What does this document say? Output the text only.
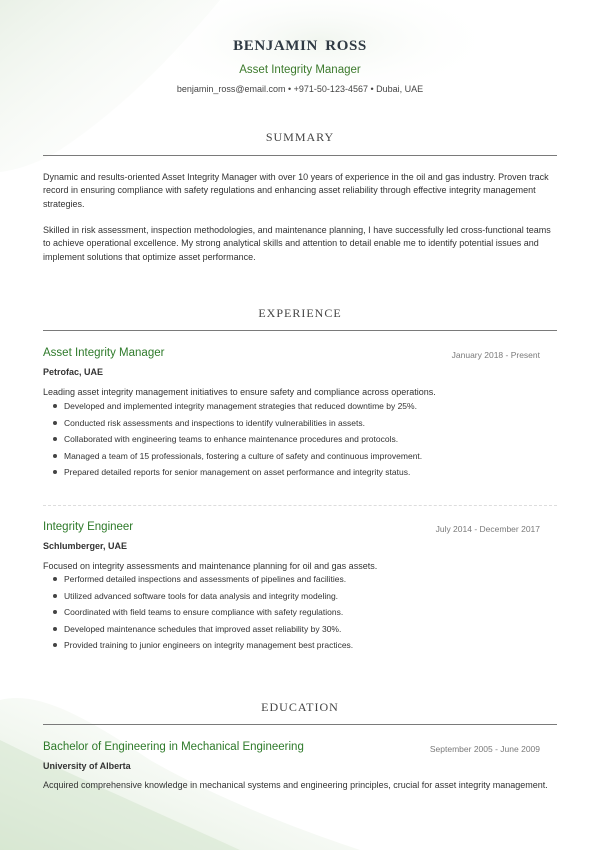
BENJAMIN ROSS
Asset Integrity Manager
benjamin_ross@email.com • +971-50-123-4567 • Dubai, UAE
SUMMARY
Dynamic and results-oriented Asset Integrity Manager with over 10 years of experience in the oil and gas industry. Proven track record in ensuring compliance with safety regulations and enhancing asset reliability through effective integrity management strategies.
Skilled in risk assessment, inspection methodologies, and maintenance planning, I have successfully led cross-functional teams to achieve operational excellence. My strong analytical skills and attention to detail enable me to identify potential issues and implement solutions that optimize asset performance.
EXPERIENCE
Asset Integrity Manager	January 2018 - Present
Petrofac, UAE
Leading asset integrity management initiatives to ensure safety and compliance across operations.
Developed and implemented integrity management strategies that reduced downtime by 25%.
Conducted risk assessments and inspections to identify vulnerabilities in assets.
Collaborated with engineering teams to enhance maintenance procedures and protocols.
Managed a team of 15 professionals, fostering a culture of safety and continuous improvement.
Prepared detailed reports for senior management on asset performance and integrity status.
Integrity Engineer	July 2014 - December 2017
Schlumberger, UAE
Focused on integrity assessments and maintenance planning for oil and gas assets.
Performed detailed inspections and assessments of pipelines and facilities.
Utilized advanced software tools for data analysis and integrity modeling.
Coordinated with field teams to ensure compliance with safety regulations.
Developed maintenance schedules that improved asset reliability by 30%.
Provided training to junior engineers on integrity management best practices.
EDUCATION
Bachelor of Engineering in Mechanical Engineering	September 2005 - June 2009
University of Alberta
Acquired comprehensive knowledge in mechanical systems and engineering principles, crucial for asset integrity management.
